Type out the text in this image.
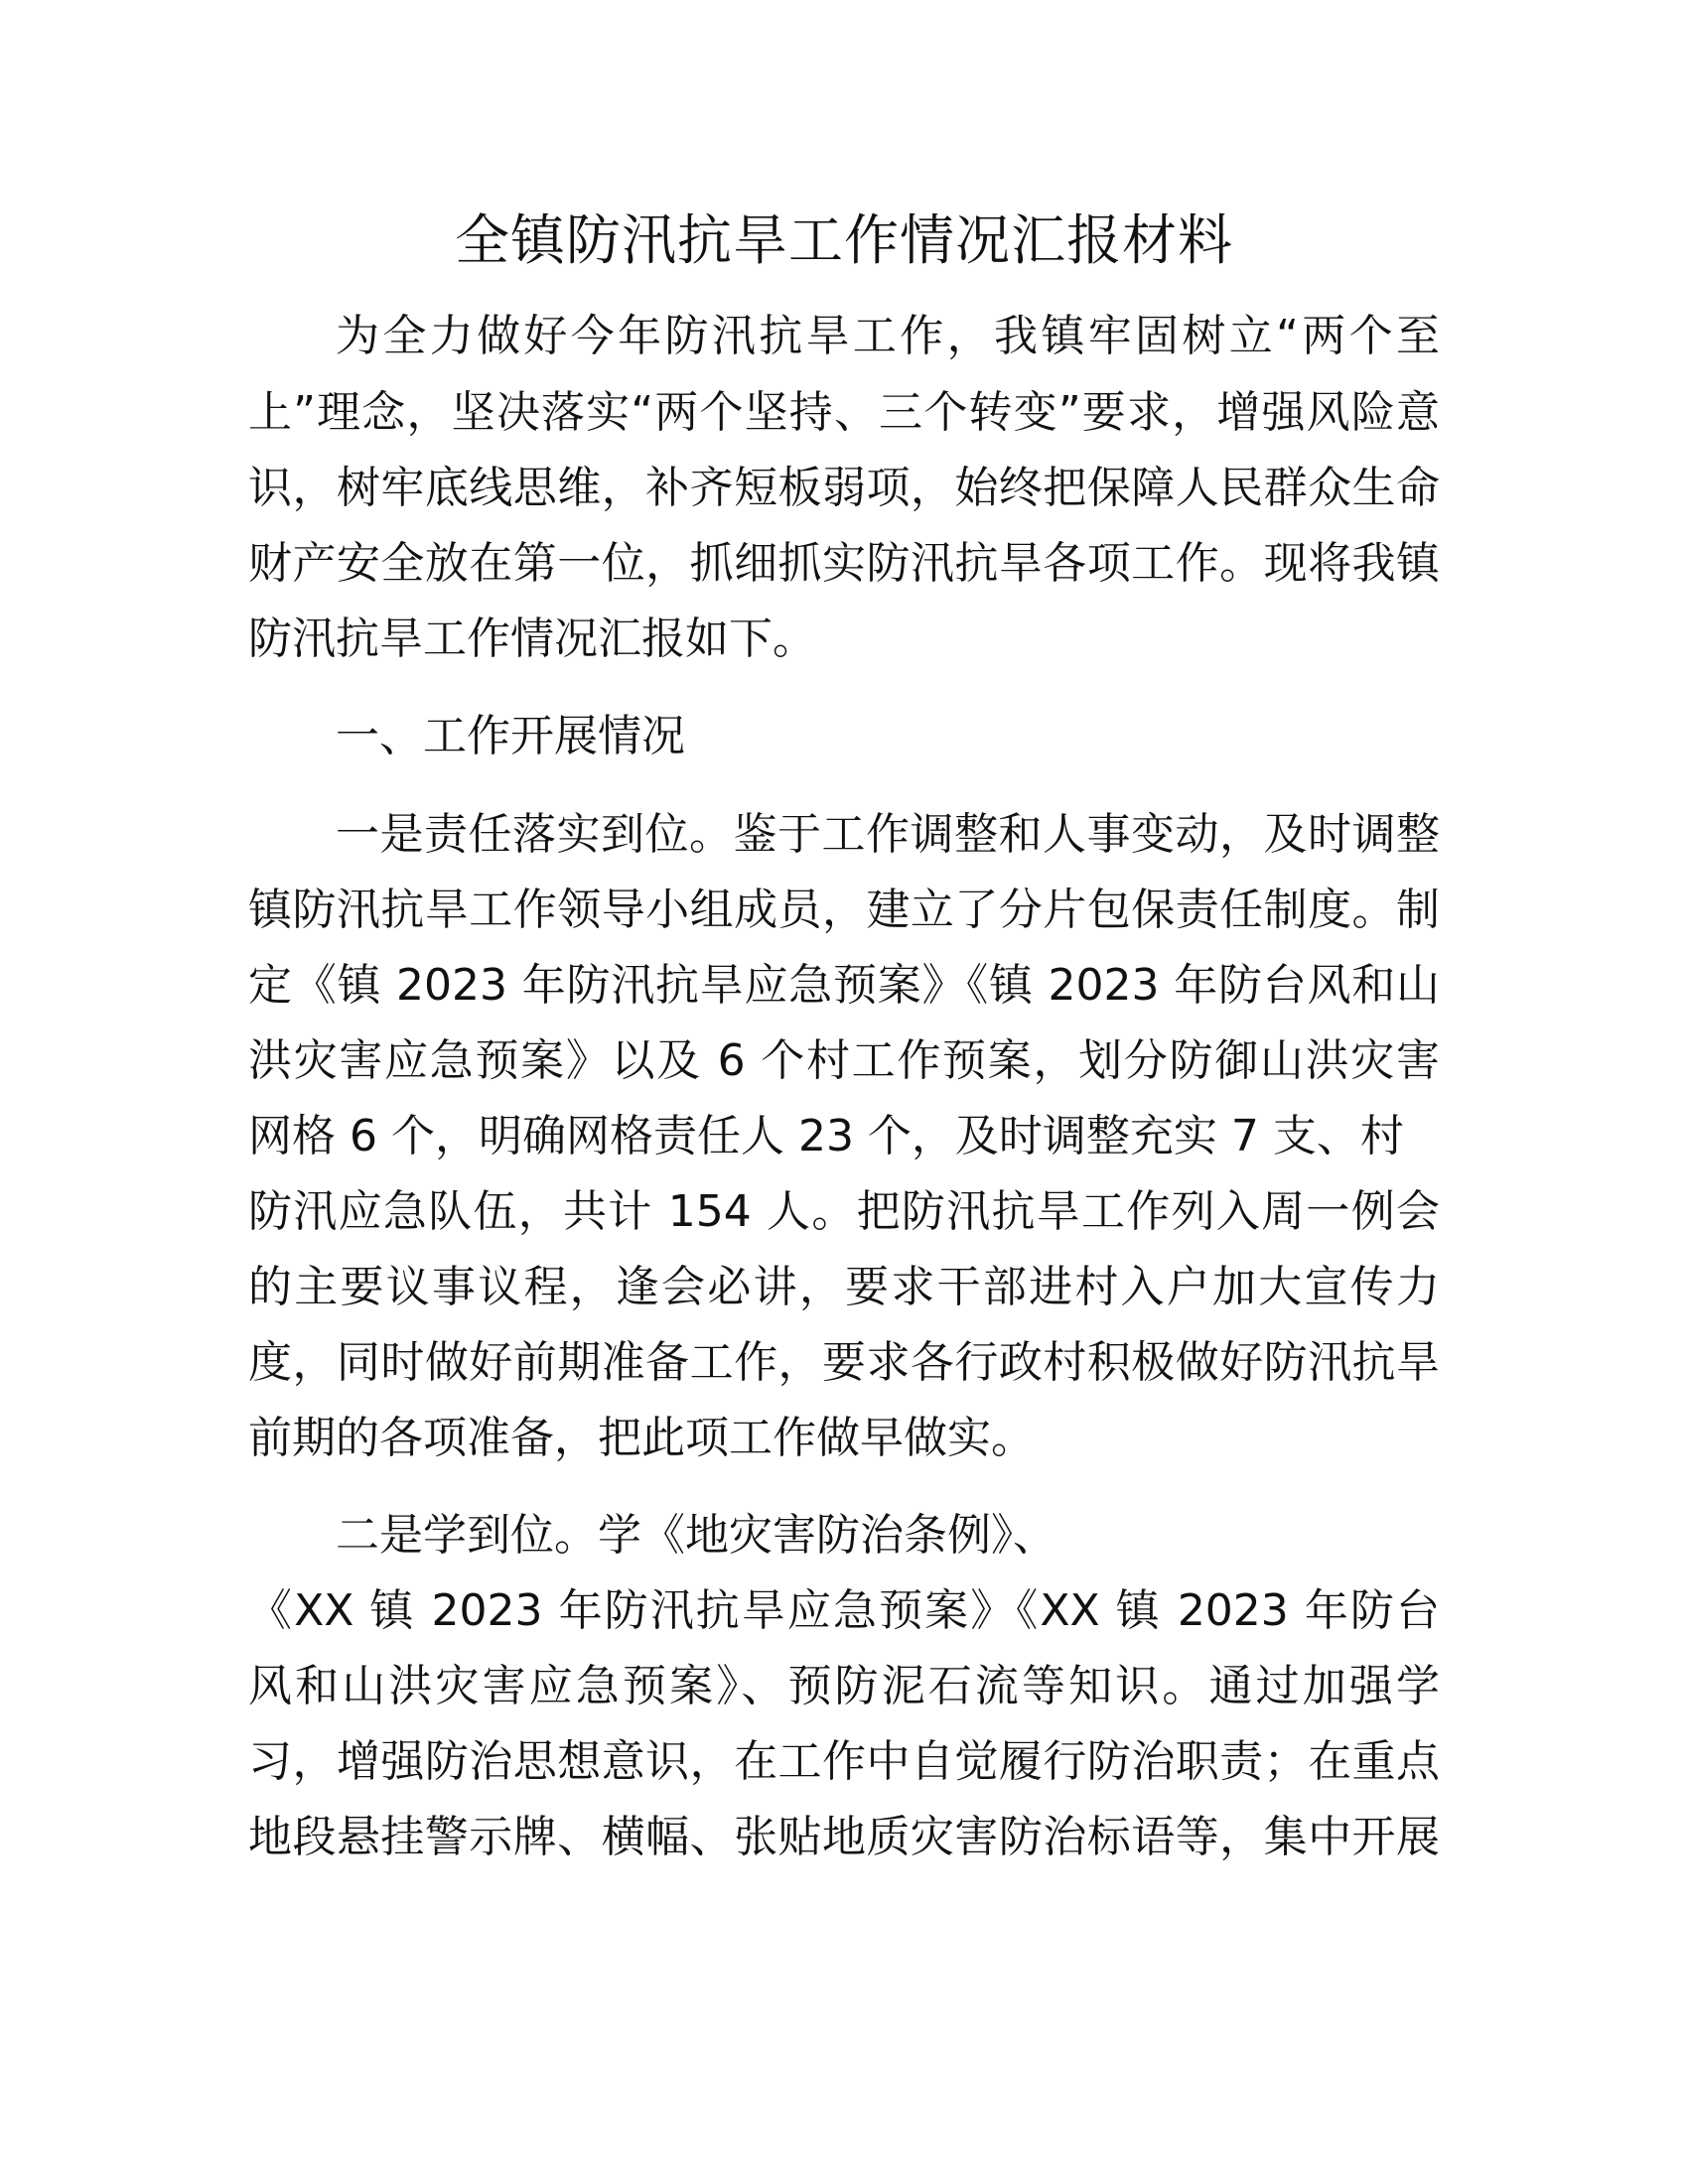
全镇防汛抗旱工作情况汇报材料

为全力做好今年防汛抗旱工作，我镇牢固树立“两个至

上”理念，坚决落实“两个坚持、三个转变”要求，增强风险意

识，树牢底线思维，补齐短板弱项，始终把保障人民群众生命

财产安全放在第一位，抓细抓实防汛抗旱各项工作。现将我镇

防汛抗旱工作情况汇报如下。

一、工作开展情况

一是责任落实到位。鉴于工作调整和人事变动，及时调整

镇防汛抗旱工作领导小组成员，建立了分片包保责任制度。制

定《镇 2023 年防汛抗旱应急预案》《镇 2023 年防台风和山

洪灾害应急预案》以及 6 个村工作预案，划分防御山洪灾害

网格 6 个，明确网格责任人 23 个，及时调整充实 7 支、村

防汛应急队伍，共计 154 人。把防汛抗旱工作列入周一例会

的主要议事议程，逢会必讲，要求干部进村入户加大宣传力

度，同时做好前期准备工作，要求各行政村积极做好防汛抗旱

前期的各项准备，把此项工作做早做实。

二是学到位。学《地灾害防治条例》、

《XX 镇 2023 年防汛抗旱应急预案》《XX 镇 2023 年防台

风和山洪灾害应急预案》、预防泥石流等知识。通过加强学

习，增强防治思想意识，在工作中自觉履行防治职责；在重点

地段悬挂警示牌、横幅、张贴地质灾害防治标语等，集中开展
